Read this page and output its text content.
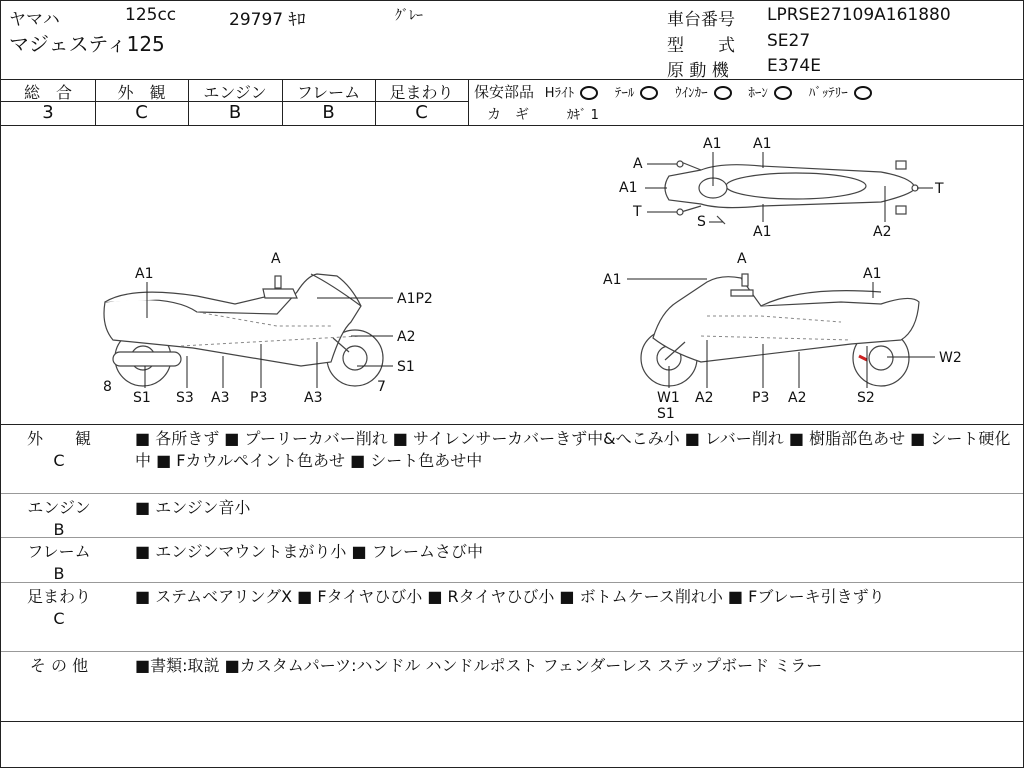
ヤマハ	125cc	29797 ｷﾛ	ｸﾞﾚｰ
マジェスティ125
車台番号 LPRSE27109A161880
型　　式	SE27
原 動 機 E374E
総　合
3
外　観
C
エンジン
B
フレーム
B
足まわり
C
保安部品 Hﾗｲﾄ	ﾃｰﾙ	ｳｲﾝｶｰ	ﾎｰﾝ	ﾊﾞｯﾃﾘｰ
カ　ギ	ｶｷﾞ 1
A
A1 A1
A1
T
S
A1	A2
T
A1
A
A1P2
A2
S1
8
S1 S3 A3 P3	A3
7
A1
A
A1
W2
W1
S1
A2	P3 A2	S2
外　　観
C
■ 各所きず ■ プーリーカバー削れ ■ サイレンサーカバーきず中&へこみ小 ■ レバー削れ ■ 樹脂部色あせ ■ シート硬化中 ■ Fカウルペイント色あせ ■ シート色あせ中
エンジン
B
■ エンジン音小
フレーム
B
■ エンジンマウントまがり小 ■ フレームさび中
足まわり
C
■ ステムベアリングX ■ Fタイヤひび小 ■ Rタイヤひび小 ■ ボトムケース削れ小 ■ Fブレーキ引きずり
そ の 他	■書類:取説 ■カスタムパーツ:ハンドル ハンドルポスト フェンダーレス ステップボード ミラー
